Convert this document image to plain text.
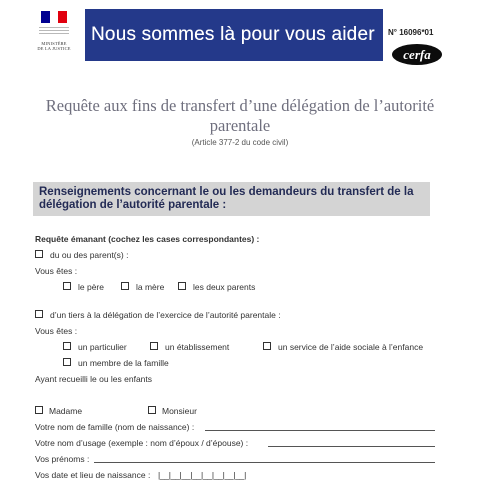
MINISTÈRE
DE LA JUSTICE
Nous sommes là pour vous aider N° 16096*01
cerfa
Requête aux fins de transfert d’une délégation de l’autorité parentale
(Article 377-2 du code civil)
Renseignements concernant le ou les demandeurs du transfert de la délégation de l’autorité parentale :
Requête émanant (cochez les cases correspondantes) :
du ou des parent(s) :
Vous êtes :
le père	la mère	les deux parents
d’un tiers à la délégation de l’exercice de l’autorité parentale :
Vous êtes :
un particulier	un établissement	un service de l’aide sociale à l’enfance
un membre de la famille
Ayant recueilli le ou les enfants
Madame	Monsieur
Votre nom de famille (nom de naissance) :
Votre nom d’usage (exemple : nom d’époux / d’épouse) :
Vos prénoms :
Vos date et lieu de naissance : |__|__|__|__|__|__|__|__|
